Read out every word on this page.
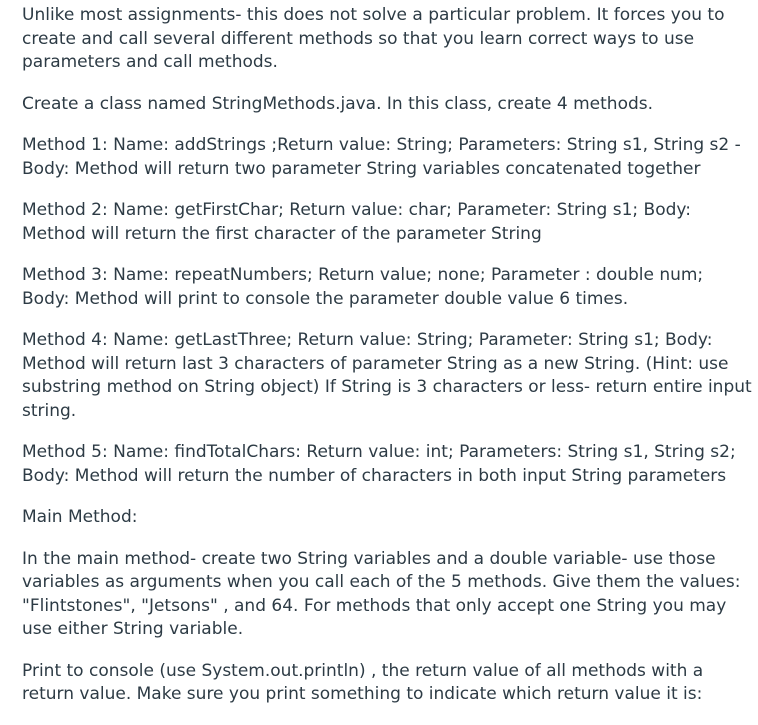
Unlike most assignments- this does not solve a particular problem. It forces you to
create and call several different methods so that you learn correct ways to use
parameters and call methods.
Create a class named StringMethods.java. In this class, create 4 methods.
Method 1: Name: addStrings ;Return value: String; Parameters: String s1, String s2 -
Body: Method will return two parameter String variables concatenated together
Method 2: Name: getFirstChar; Return value: char; Parameter: String s1; Body:
Method will return the first character of the parameter String
Method 3: Name: repeatNumbers; Return value; none; Parameter : double num;
Body: Method will print to console the parameter double value 6 times.
Method 4: Name: getLastThree; Return value: String; Parameter: String s1; Body:
Method will return last 3 characters of parameter String as a new String. (Hint: use
substring method on String object) If String is 3 characters or less- return entire input
string.
Method 5: Name: findTotalChars: Return value: int; Parameters: String s1, String s2;
Body: Method will return the number of characters in both input String parameters
Main Method:
In the main method- create two String variables and a double variable- use those
variables as arguments when you call each of the 5 methods. Give them the values:
"Flintstones", "Jetsons" , and 64. For methods that only accept one String you may
use either String variable.
Print to console (use System.out.println) , the return value of all methods with a
return value. Make sure you print something to indicate which return value it is:
